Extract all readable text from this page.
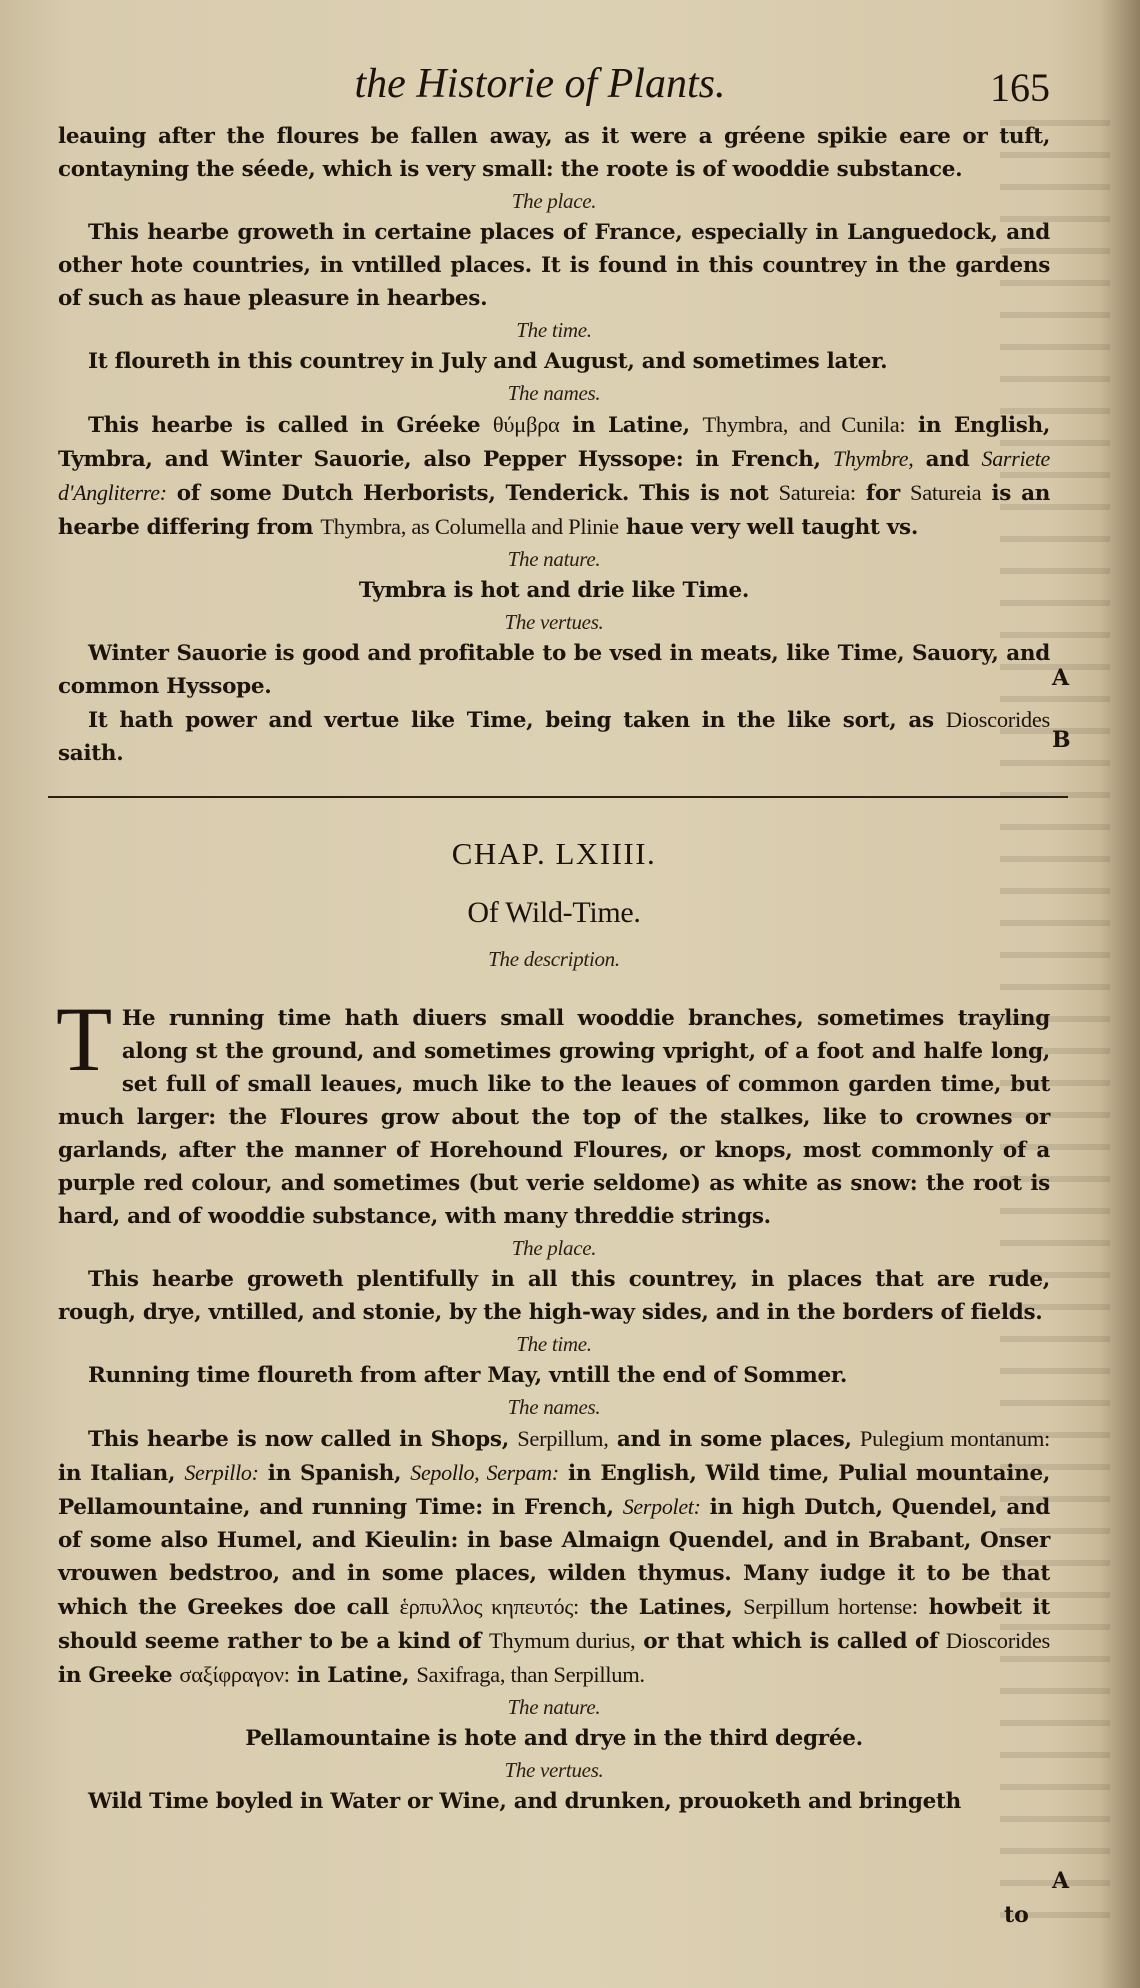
the Historie of Plants.	165
A
B
A
to

leauing after the floures be fallen away, as it were a gréene spikie eare or tuft, contayning the séede, which is very small: the roote is of wooddie substance.

The place.

This hearbe groweth in certaine places of France, especially in Languedock, and other hote countries, in vntilled places. It is found in this countrey in the gardens of such as haue pleasure in hearbes.

The time.

It floureth in this countrey in July and August, and sometimes later.

The names.

This hearbe is called in Gréeke θύμβρα in Latine, Thymbra, and Cunila: in English, Tymbra, and Winter Sauorie, also Pepper Hyssope: in French, Thymbre, and Sarriete d'Angliterre: of some Dutch Herborists, Tenderick. This is not Satureia: for Satureia is an hearbe differing from Thymbra, as Columella and Plinie haue very well taught vs.

The nature.

Tymbra is hot and drie like Time.

The vertues.

Winter Sauorie is good and profitable to be vsed in meats, like Time, Sauory, and common Hyssope.

It hath power and vertue like Time, being taken in the like sort, as Dioscorides saith.

CHAP. LXIIII.
Of Wild-Time.
The description.

T He running time hath diuers small wooddie branches, sometimes trayling along st the ground, and sometimes growing vpright, of a foot and halfe long, set full of small leaues, much like to the leaues of common garden time, but much larger: the Floures grow about the top of the stalkes, like to crownes or garlands, after the manner of Horehound Floures, or knops, most commonly of a purple red colour, and sometimes (but verie seldome) as white as snow: the root is hard, and of wooddie substance, with many threddie strings.

The place.

This hearbe groweth plentifully in all this countrey, in places that are rude, rough, drye, vntilled, and stonie, by the high-way sides, and in the borders of fields.

The time.

Running time floureth from after May, vntill the end of Sommer.

The names.

This hearbe is now called in Shops, Serpillum, and in some places, Pulegium montanum: in Italian, Serpillo: in Spanish, Sepollo, Serpam: in English, Wild time, Pulial mountaine, Pellamountaine, and running Time: in French, Serpolet: in high Dutch, Quendel, and of some also Humel, and Kieulin: in base Almaign Quendel, and in Brabant, Onser vrouwen bedstroo, and in some places, wilden thymus. Many iudge it to be that which the Greekes doe call ἑρπυλλος κηπευτός: the Latines, Serpillum hortense: howbeit it should seeme rather to be a kind of Thymum durius, or that which is called of Dioscorides in Greeke σαξίφραγον: in Latine, Saxifraga, than Serpillum.

The nature.

Pellamountaine is hote and drye in the third degrée.

The vertues.

Wild Time boyled in Water or Wine, and drunken, prouoketh and bringeth
